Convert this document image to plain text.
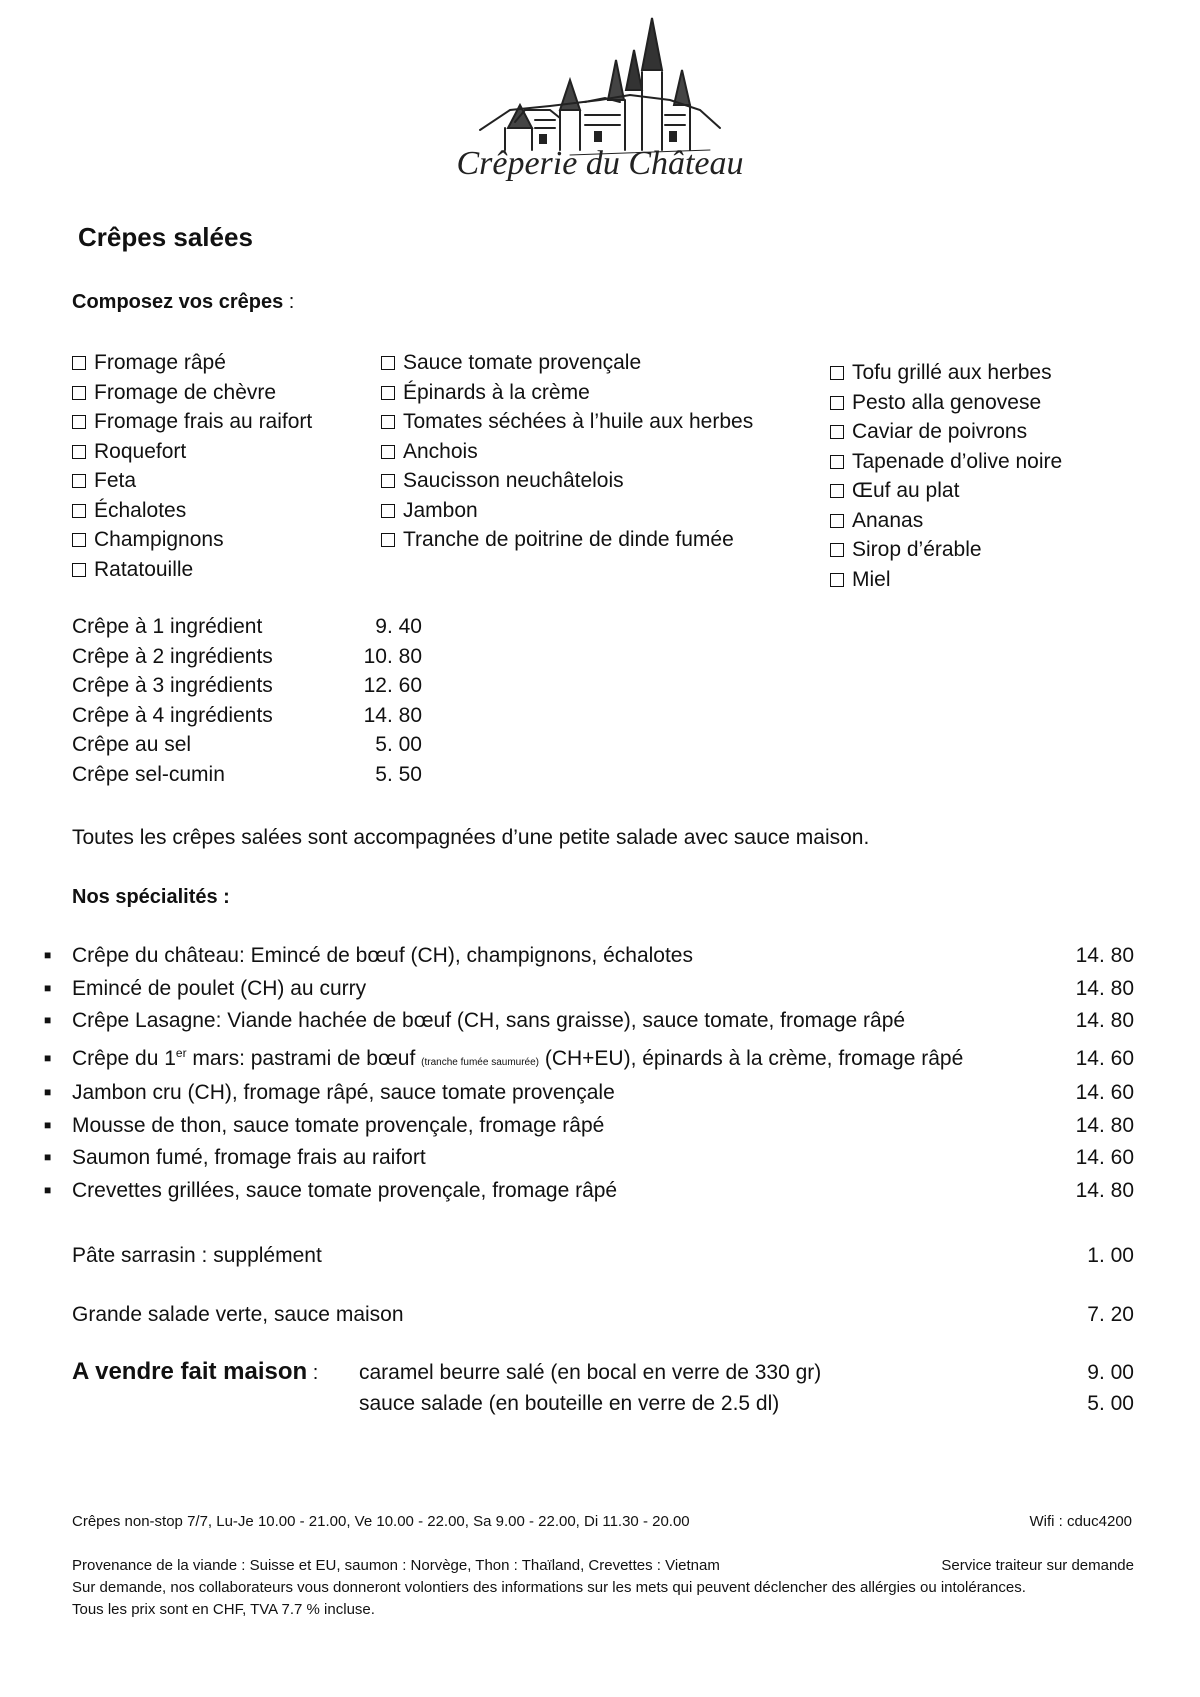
Crêperie du Château
Crêpes salées
Composez vos crêpes :
Fromage râpé
Fromage de chèvre
Fromage frais au raifort
Roquefort
Feta
Échalotes
Champignons
Ratatouille
Sauce tomate provençale
Épinards à la crème
Tomates séchées à l’huile aux herbes
Anchois
Saucisson neuchâtelois
Jambon
Tranche de poitrine de dinde fumée
Tofu grillé aux herbes
Pesto alla genovese
Caviar de poivrons
Tapenade d’olive noire
Œuf au plat
Ananas
Sirop d’érable
Miel
Crêpe à 1 ingrédient	9. 40
Crêpe à 2 ingrédients	10. 80
Crêpe à 3 ingrédients	12. 60
Crêpe à 4 ingrédients	14. 80
Crêpe au sel	5. 00
Crêpe sel-cumin	5. 50
Toutes les crêpes salées sont accompagnées d’une petite salade avec sauce maison.
Nos spécialités :
■ Crêpe du château: Emincé de bœuf (CH), champignons, échalotes	14. 80
■ Emincé de poulet (CH) au curry	14. 80
■ Crêpe Lasagne: Viande hachée de bœuf (CH, sans graisse), sauce tomate, fromage râpé	14. 80
■ Crêpe du 1er mars: pastrami de bœuf (tranche fumée saumurée) (CH+EU), épinards à la crème, fromage râpé	14. 60
■ Jambon cru (CH), fromage râpé, sauce tomate provençale	14. 60
■ Mousse de thon, sauce tomate provençale, fromage râpé	14. 80
■ Saumon fumé, fromage frais au raifort	14. 60
■ Crevettes grillées, sauce tomate provençale, fromage râpé	14. 80
Pâte sarrasin : supplément	1. 00
Grande salade verte, sauce maison	7. 20
A vendre fait maison : caramel beurre salé (en bocal en verre de 330 gr)	9. 00
sauce salade (en bouteille en verre de 2.5 dl)	5. 00
Crêpes non-stop 7/7, Lu-Je 10.00 - 21.00, Ve 10.00 - 22.00, Sa 9.00 - 22.00, Di 11.30 - 20.00	Wifi : cduc4200
Provenance de la viande : Suisse et EU, saumon : Norvège, Thon : Thaïland, Crevettes : Vietnam	Service traiteur sur demande
Sur demande, nos collaborateurs vous donneront volontiers des informations sur les mets qui peuvent déclencher des allérgies ou intolérances.
Tous les prix sont en CHF, TVA 7.7 % incluse.
